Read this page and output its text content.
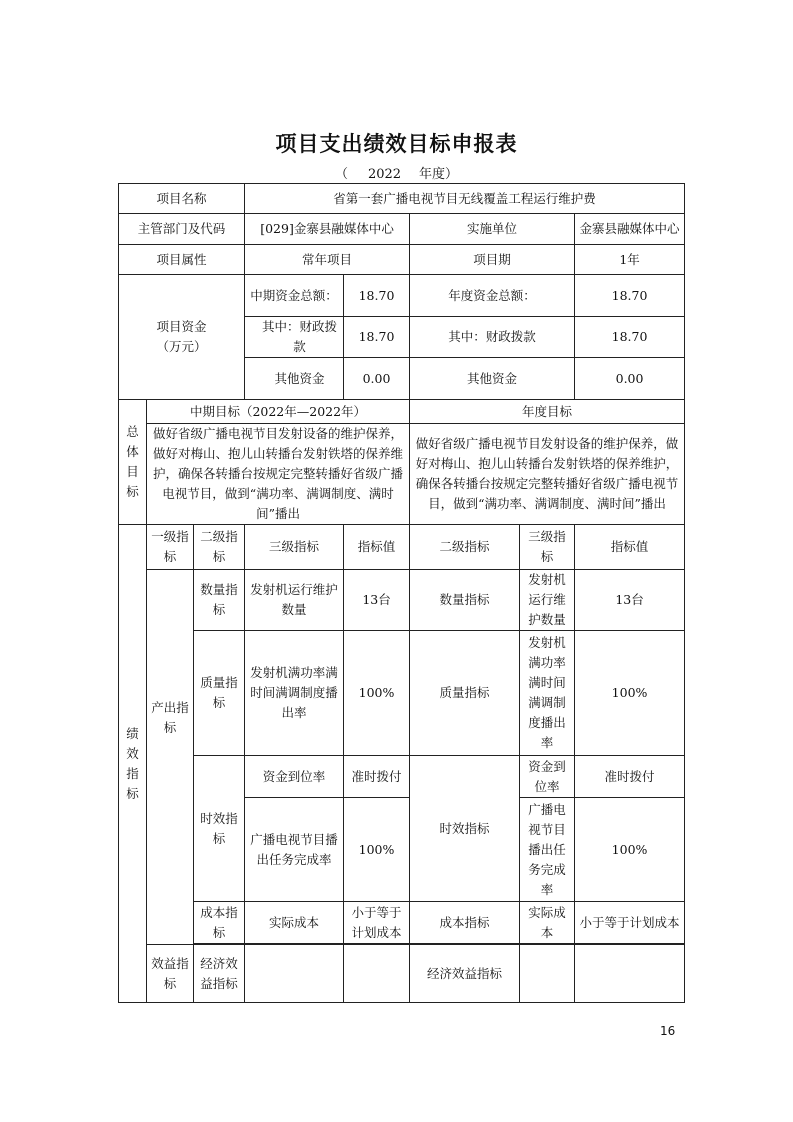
项目支出绩效目标申报表
（ 2022 年度）
项目名称			省第一套广播电视节目无线覆盖工程运行维护费				
主管部门及代码			[029]金寨县融媒体中心		实施单位		金寨县融媒体中心
项目属性			常年项目		项目期		1年
项目资金（万元）			中期资金总额：	18.70	年度资金总额：		18.70
			其中：财政拨款	18.70	其中：财政拨款		18.70
			其他资金	0.00	其他资金		0.00
总体目标	中期目标（2022年—2022年）				年度目标		
	做好省级广播电视节目发射设备的维护保养，做好对梅山、抱儿山转播台发射铁塔的保养维护，确保各转播台按规定完整转播好省级广播电视节目，做到“满功率、满调制度、满时间”播出				做好省级广播电视节目发射设备的维护保养，做好对梅山、抱儿山转播台发射铁塔的保养维护，确保各转播台按规定完整转播好省级广播电视节目，做到“满功率、满调制度、满时间”播出		
绩效指标	一级指标	二级指标	三级指标	指标值	二级指标	三级指标	指标值
	产出指标	数量指标	发射机运行维护数量	13台	数量指标	发射机运行维护数量	13台
		质量指标	发射机满功率满时间满调制度播出率	100%	质量指标	发射机满功率满时间满调制度播出率	100%
		时效指标	资金到位率	准时拨付	时效指标	资金到位率	准时拨付
			广播电视节目播出任务完成率	100%		广播电视节目播出任务完成率	100%
		成本指标	实际成本	小于等于计划成本	成本指标	实际成本	小于等于计划成本

	效益指标	经济效益指标			经济效益指标		
16
